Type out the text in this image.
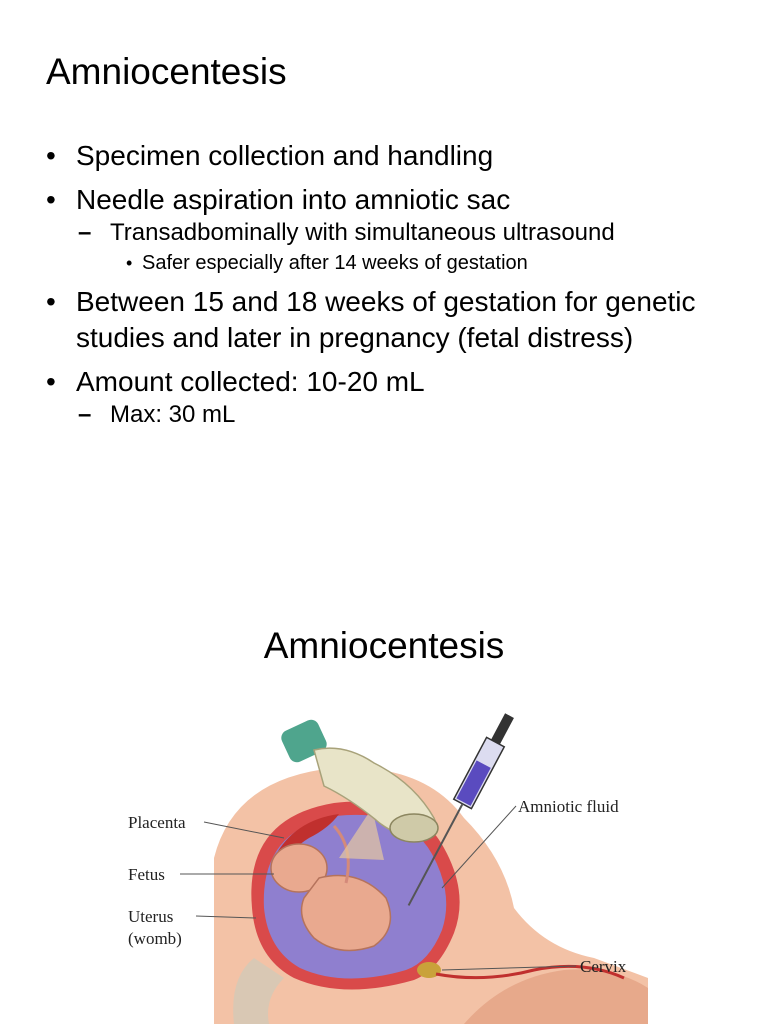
Amniocentesis
• Specimen collection and handling
• Needle aspiration into amniotic sac
– Transadbominally with simultaneous ultrasound
• Safer especially after 14 weeks of gestation
• Between 15 and 18 weeks of gestation for genetic studies and later in pregnancy (fetal distress)
• Amount collected: 10-20 mL
– Max: 30 mL
Amniocentesis
Placenta
Fetus
Uterus
(womb)
Amniotic fluid
Cervix
